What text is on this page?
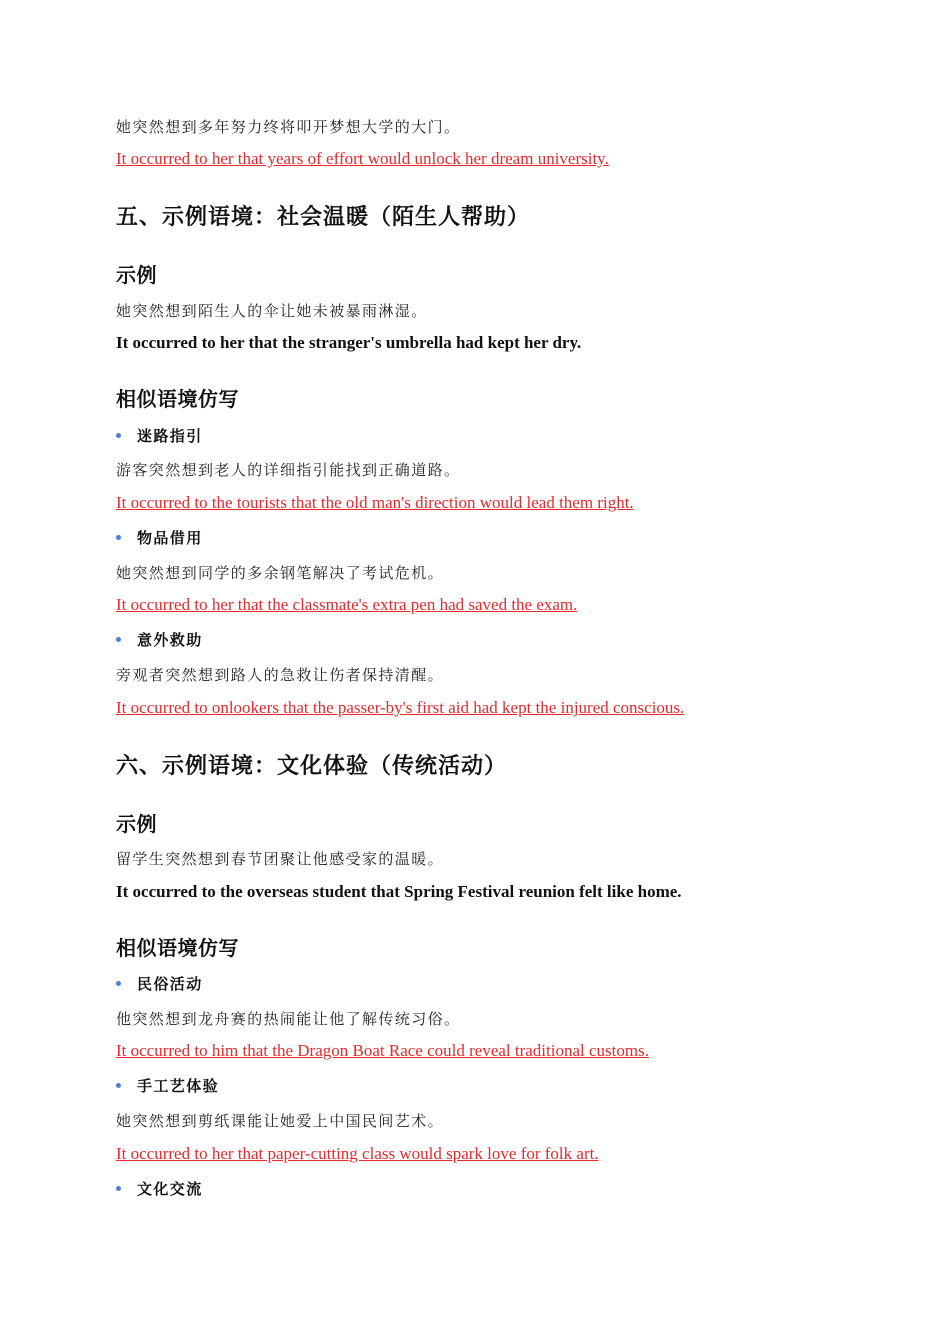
她突然想到多年努力终将叩开梦想大学的大门。
It occurred to her that years of effort would unlock her dream university.
五、示例语境：社会温暖（陌生人帮助）
示例
她突然想到陌生人的伞让她未被暴雨淋湿。
It occurred to her that the stranger's umbrella had kept her dry.
相似语境仿写
迷路指引
游客突然想到老人的详细指引能找到正确道路。
It occurred to the tourists that the old man's direction would lead them right.
物品借用
她突然想到同学的多余钢笔解决了考试危机。
It occurred to her that the classmate's extra pen had saved the exam.
意外救助
旁观者突然想到路人的急救让伤者保持清醒。
It occurred to onlookers that the passer-by's first aid had kept the injured conscious.
六、示例语境：文化体验（传统活动）
示例
留学生突然想到春节团聚让他感受家的温暖。
It occurred to the overseas student that Spring Festival reunion felt like home.
相似语境仿写
民俗活动
他突然想到龙舟赛的热闹能让他了解传统习俗。
It occurred to him that the Dragon Boat Race could reveal traditional customs.
手工艺体验
她突然想到剪纸课能让她爱上中国民间艺术。
It occurred to her that paper-cutting class would spark love for folk art.
文化交流
